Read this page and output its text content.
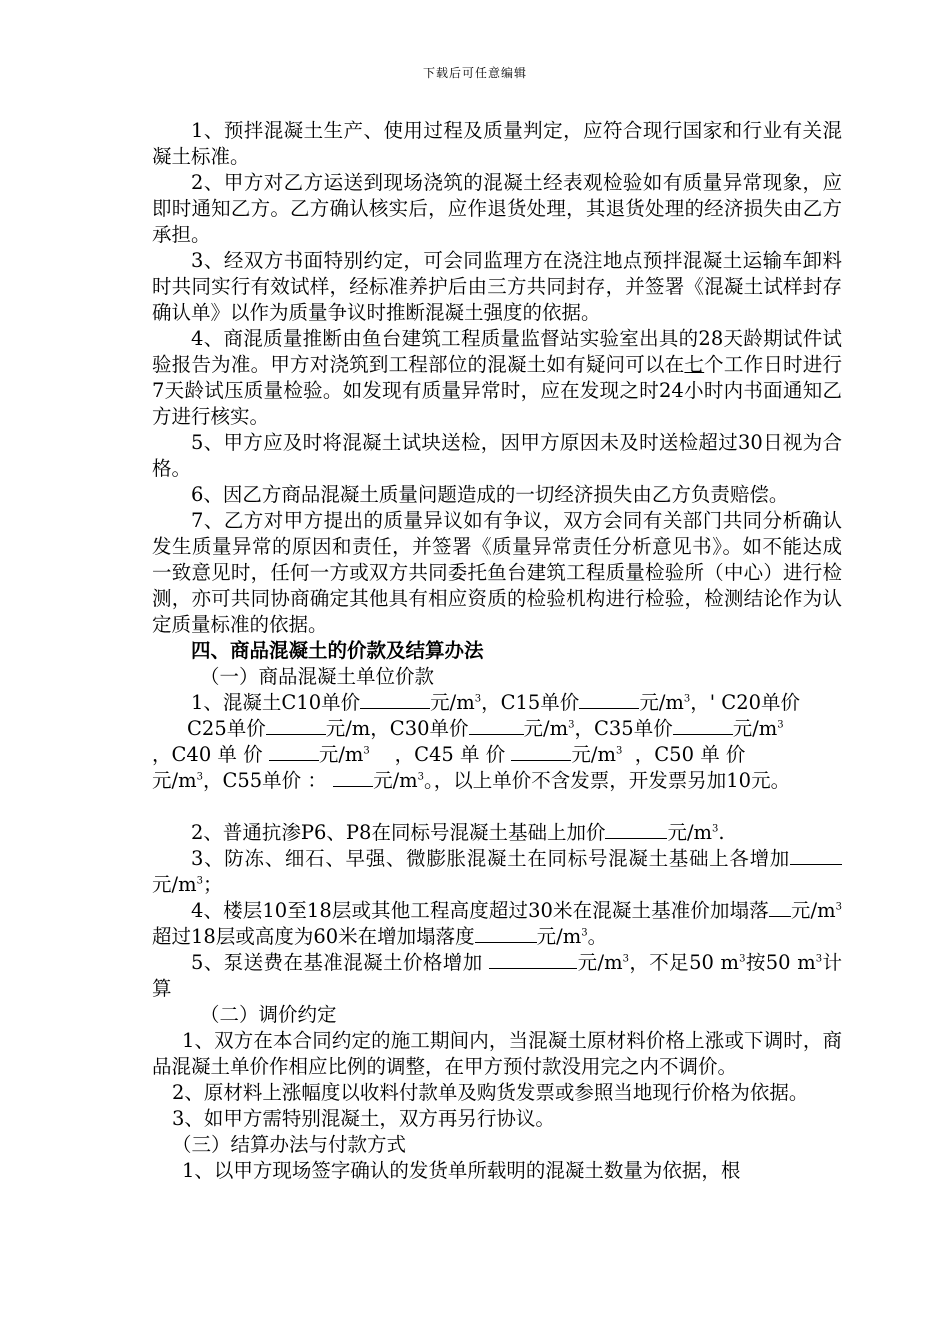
下载后可任意编辑

1、预拌混凝土生产、使用过程及质量判定，应符合现行国家和行业有关混凝土标准。

2、甲方对乙方运送到现场浇筑的混凝土经表观检验如有质量异常现象，应即时通知乙方。乙方确认核实后，应作退货处理，其退货处理的经济损失由乙方承担。

3、经双方书面特别约定，可会同监理方在浇注地点预拌混凝土运输车卸料时共同实行有效试样，经标准养护后由三方共同封存，并签署《混凝土试样封存确认单》以作为质量争议时推断混凝土强度的依据。

4、商混质量推断由鱼台建筑工程质量监督站实验室出具的28天龄期试件试验报告为准。甲方对浇筑到工程部位的混凝土如有疑问可以在七个工作日时进行7天龄试压质量检验。如发现有质量异常时，应在发现之时24小时内书面通知乙方进行核实。

5、甲方应及时将混凝土试块送检，因甲方原因未及时送检超过30日视为合格。

6、因乙方商品混凝土质量问题造成的一切经济损失由乙方负责赔偿。

7、乙方对甲方提出的质量异议如有争议，双方会同有关部门共同分析确认发生质量异常的原因和责任，并签署《质量异常责任分析意见书》。如不能达成一致意见时，任何一方或双方共同委托鱼台建筑工程质量检验所（中心）进行检测，亦可共同协商确定其他具有相应资质的检验机构进行检验，检测结论作为认定质量标准的依据。

四、商品混凝土的价款及结算办法

（一）商品混凝土单位价款

1、混凝土C10单价	元$/m^3$，C15单价	元$/m^3$，' C20单价

C25单价	元/m，C30单价	元$/m^3$，C35单价	元$/m^3$

，C40 单 价	元$/m^3$ ，C45 单 价	元$/m^3$ ，C50 单 价

元$/m^3$，C55单价 ： 元$/m^3$。，以上单价不含发票，开发票另加10元。

2、普通抗渗P6、P8在同标号混凝土基础上加价	元$/m^3$.

3、防冻、细石、早强、微膨胀混凝土在同标号混凝土基础上各增加元$/m^3$；

4、楼层10至18层或其他工程高度超过30米在混凝土基准价加塌落 元$/m^3$超过18层或高度为60米在增加塌落度	元$/m^3$。

5、泵送费在基准混凝土价格增加	元$/m^3$，不足50 $m^3$按50 $m^3$计算

（二）调价约定

1、双方在本合同约定的施工期间内，当混凝土原材料价格上涨或下调时，商品混凝土单价作相应比例的调整，在甲方预付款没用完之内不调价。

2、原材料上涨幅度以收料付款单及购货发票或参照当地现行价格为依据。

3、如甲方需特别混凝土，双方再另行协议。

（三）结算办法与付款方式

1、以甲方现场签字确认的发货单所载明的混凝土数量为依据，根
